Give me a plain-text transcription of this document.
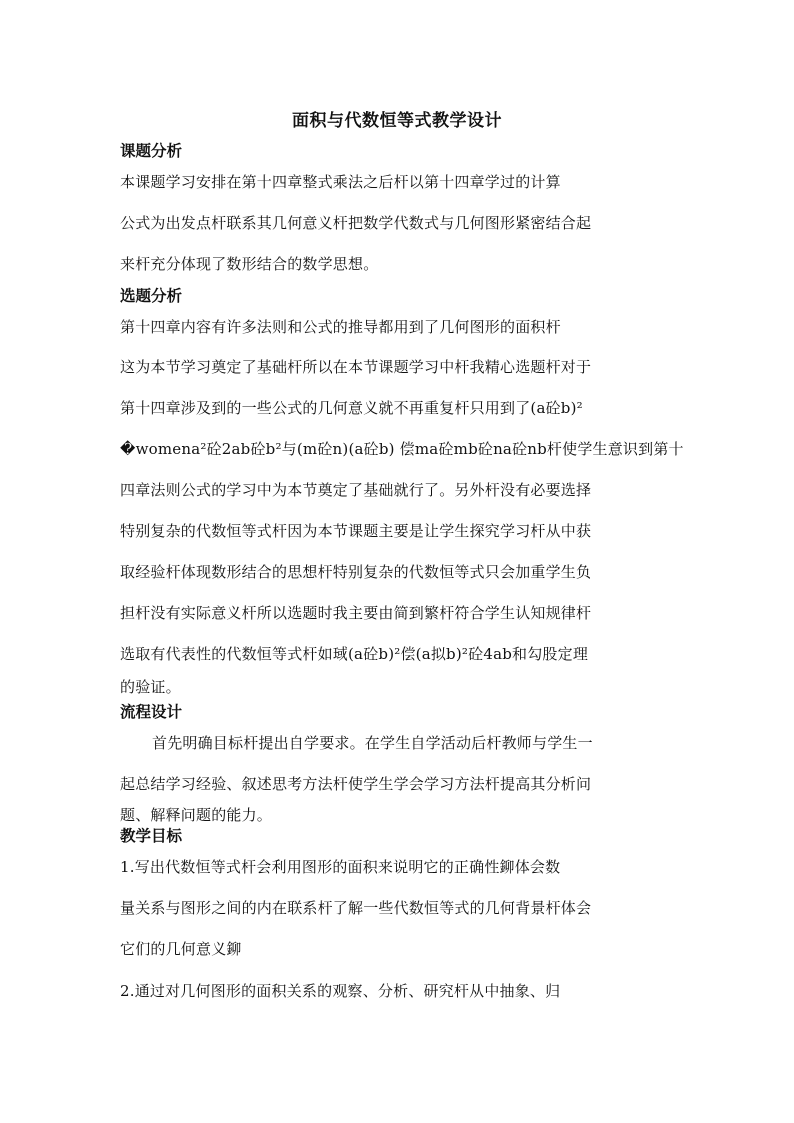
面积与代数恒等式教学设计
课题分析
本课题学习安排在第十四章整式乘法之后杆以第十四章学过的计算
公式为出发点杆联系其几何意义杆把数学代数式与几何图形紧密结合起
来杆充分体现了数形结合的数学思想。
选题分析
第十四章内容有许多法则和公式的推导都用到了几何图形的面积杆
这为本节学习奠定了基础杆所以在本节课题学习中杆我精心选题杆对于
第十四章涉及到的一些公式的几何意义就不再重复杆只用到了(a砼b)²
�womena²砼2ab砼b²与(m砼n)(a砼b) 偿ma砼mb砼na砼nb杆使学生意识到第十
四章法则公式的学习中为本节奠定了基础就行了。另外杆没有必要选择
特别复杂的代数恒等式杆因为本节课题主要是让学生探究学习杆从中获
取经验杆体现数形结合的思想杆特别复杂的代数恒等式只会加重学生负
担杆没有实际意义杆所以选题时我主要由简到繁杆符合学生认知规律杆
选取有代表性的代数恒等式杆如琙(a砼b)²偿(a拟b)²砼4ab和勾股定理
的验证。
流程设计
首先明确目标杆提出自学要求。在学生自学活动后杆教师与学生一
起总结学习经验、叙述思考方法杆使学生学会学习方法杆提高其分析问
题、解释问题的能力。
教学目标
1.写出代数恒等式杆会利用图形的面积来说明它的正确性鉚体会数
量关系与图形之间的内在联系杆了解一些代数恒等式的几何背景杆体会
它们的几何意义鉚
2.通过对几何图形的面积关系的观察、分析、研究杆从中抽象、归
